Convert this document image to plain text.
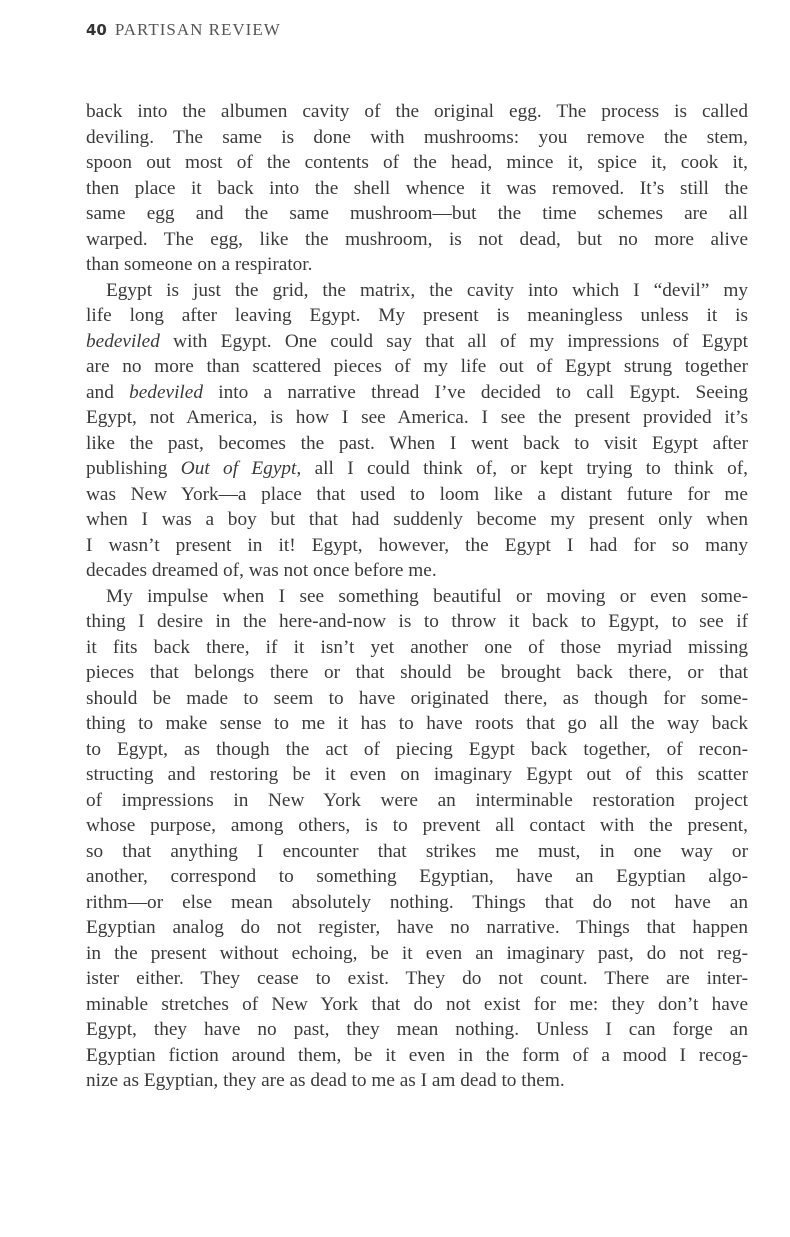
40 PARTISAN REVIEW
back into the albumen cavity of the original egg. The process is called
deviling. The same is done with mushrooms: you remove the stem,
spoon out most of the contents of the head, mince it, spice it, cook it,
then place it back into the shell whence it was removed. It’s still the
same egg and the same mushroom—but the time schemes are all
warped. The egg, like the mushroom, is not dead, but no more alive
than someone on a respirator.
Egypt is just the grid, the matrix, the cavity into which I “devil” my
life long after leaving Egypt. My present is meaningless unless it is
bedeviled with Egypt. One could say that all of my impressions of Egypt
are no more than scattered pieces of my life out of Egypt strung together
and bedeviled into a narrative thread I’ve decided to call Egypt. Seeing
Egypt, not America, is how I see America. I see the present provided it’s
like the past, becomes the past. When I went back to visit Egypt after
publishing Out of Egypt, all I could think of, or kept trying to think of,
was New York—a place that used to loom like a distant future for me
when I was a boy but that had suddenly become my present only when
I wasn’t present in it! Egypt, however, the Egypt I had for so many
decades dreamed of, was not once before me.
My impulse when I see something beautiful or moving or even some-
thing I desire in the here-and-now is to throw it back to Egypt, to see if
it fits back there, if it isn’t yet another one of those myriad missing
pieces that belongs there or that should be brought back there, or that
should be made to seem to have originated there, as though for some-
thing to make sense to me it has to have roots that go all the way back
to Egypt, as though the act of piecing Egypt back together, of recon-
structing and restoring be it even on imaginary Egypt out of this scatter
of impressions in New York were an interminable restoration project
whose purpose, among others, is to prevent all contact with the present,
so that anything I encounter that strikes me must, in one way or
another, correspond to something Egyptian, have an Egyptian algo-
rithm—or else mean absolutely nothing. Things that do not have an
Egyptian analog do not register, have no narrative. Things that happen
in the present without echoing, be it even an imaginary past, do not reg-
ister either. They cease to exist. They do not count. There are inter-
minable stretches of New York that do not exist for me: they don’t have
Egypt, they have no past, they mean nothing. Unless I can forge an
Egyptian fiction around them, be it even in the form of a mood I recog-
nize as Egyptian, they are as dead to me as I am dead to them.
